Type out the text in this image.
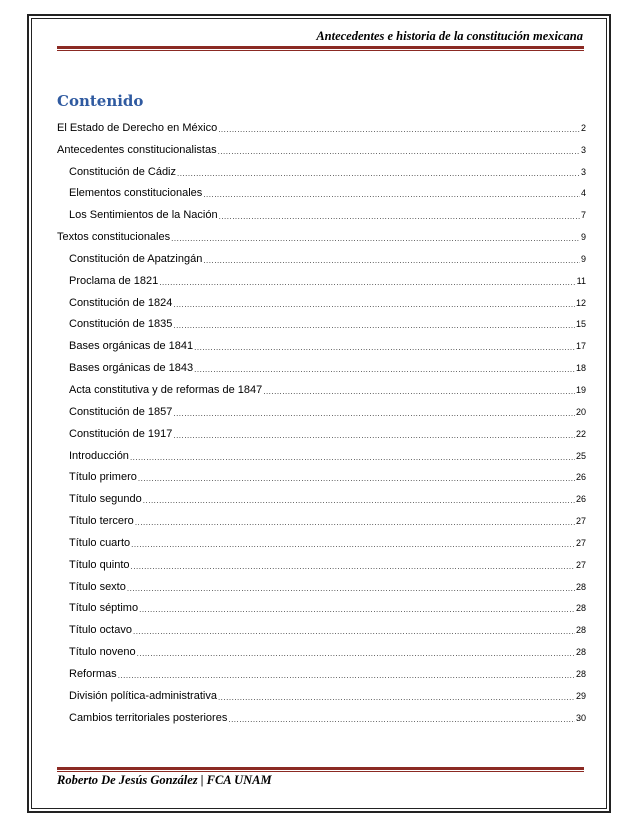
Antecedentes e historia de la constitución mexicana
Contenido
El Estado de Derecho en México .....	2
Antecedentes constitucionalistas .....	3
Constitución de Cádiz .....	3
Elementos constitucionales .....	4
Los Sentimientos de la Nación .....	7
Textos constitucionales .....	9
Constitución de Apatzingán .....	9
Proclama de 1821 .....	11
Constitución de 1824 .....	12
Constitución de 1835 .....	15
Bases orgánicas de 1841 .....	17
Bases orgánicas de 1843 .....	18
Acta constitutiva y de reformas de 1847 .....	19
Constitución de 1857 .....	20
Constitución de 1917 .....	22
Introducción .....	25
Título primero .....	26
Título segundo .....	26
Título tercero .....	27
Título cuarto .....	27
Título quinto .....	27
Título sexto .....	28
Título séptimo .....	28
Título octavo .....	28
Título noveno .....	28
Reformas .....	28
División política-administrativa .....	29
Cambios territoriales posteriores .....	30
Roberto De Jesús González | FCA UNAM
